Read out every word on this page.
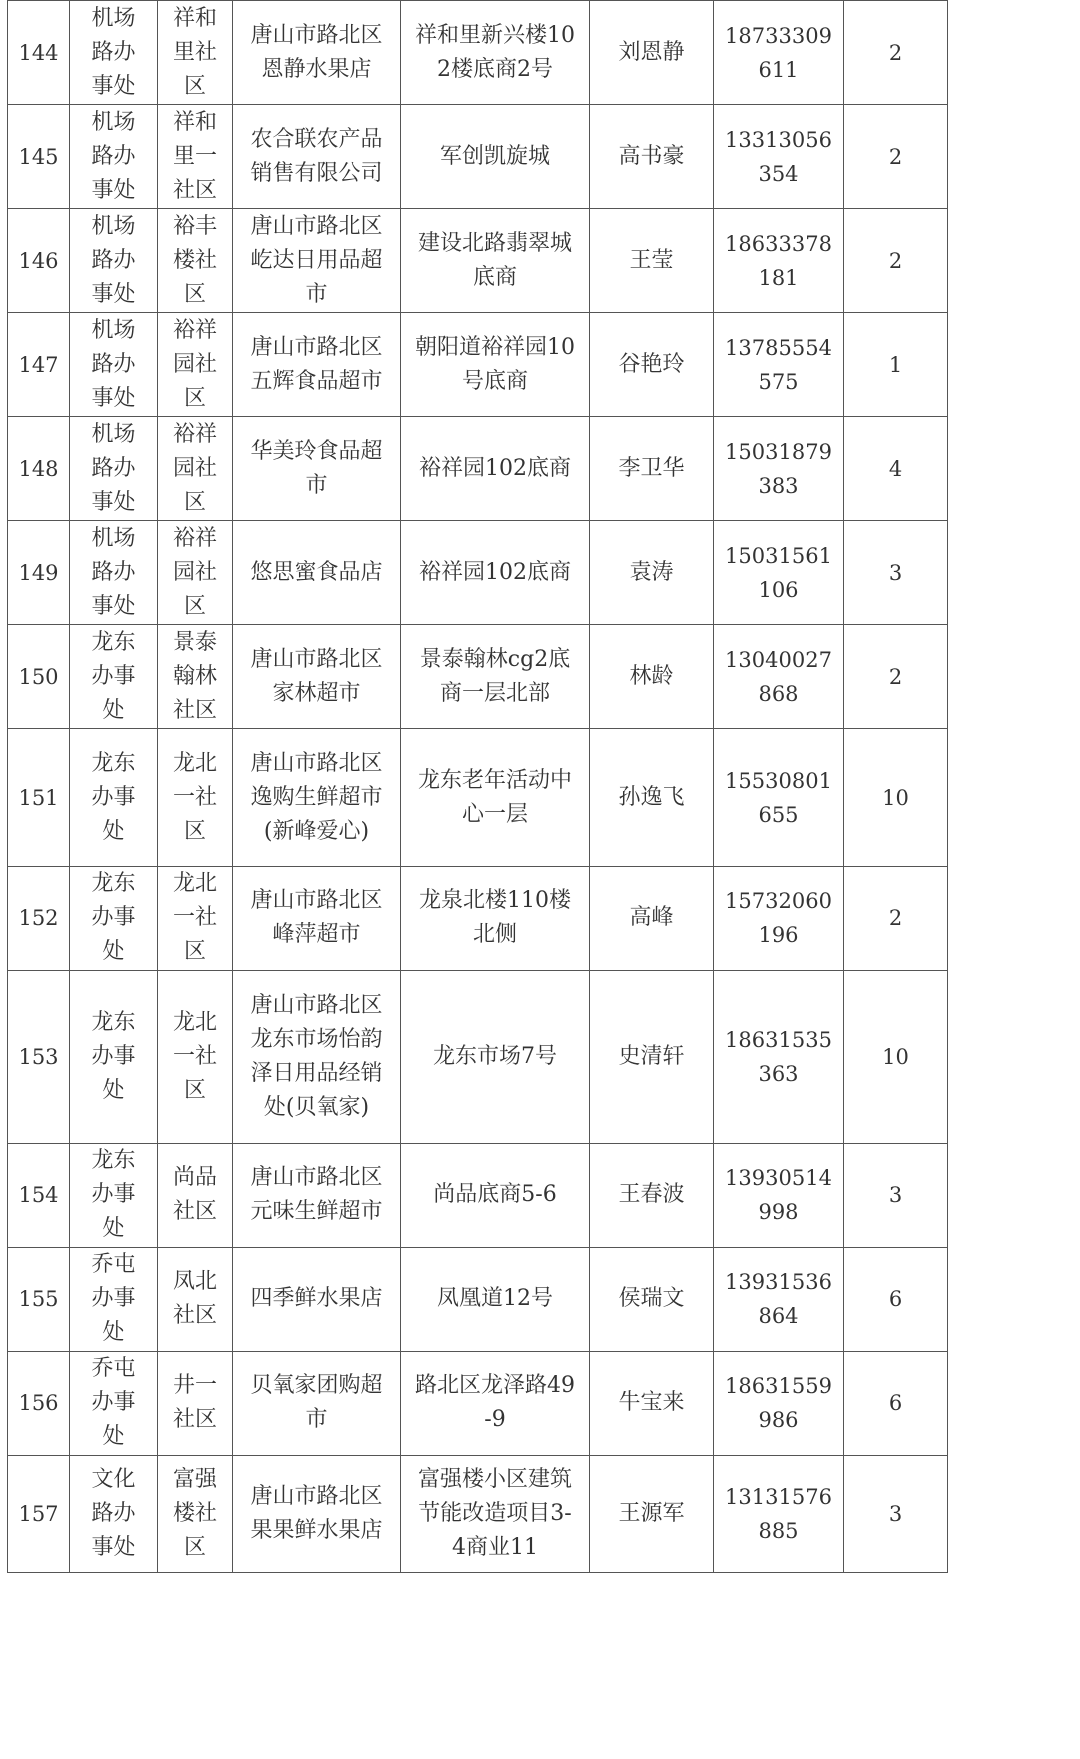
144	机场路办事处	祥和里社区	唐山市路北区恩静水果店	祥和里新兴楼102楼底商2号	刘恩静	18733309611	2
145	机场路办事处	祥和里一社区	农合联农产品销售有限公司	军创凯旋城	高书豪	13313056354	2
146	机场路办事处	裕丰楼社区	唐山市路北区屹达日用品超市	建设北路翡翠城底商	王莹	18633378181	2
147	机场路办事处	裕祥园社区	唐山市路北区五辉食品超市	朝阳道裕祥园10号底商	谷艳玲	13785554575	1
148	机场路办事处	裕祥园社区	华美玲食品超市	裕祥园102底商	李卫华	15031879383	4
149	机场路办事处	裕祥园社区	悠思蜜食品店	裕祥园102底商	袁涛	15031561106	3
150	龙东办事处	景泰翰林社区	唐山市路北区家林超市	景泰翰林cg2底商一层北部	林龄	13040027868	2
151	龙东办事处	龙北一社区	唐山市路北区逸购生鲜超市(新峰爱心)	龙东老年活动中心一层	孙逸飞	15530801655	10
152	龙东办事处	龙北一社区	唐山市路北区峰萍超市	龙泉北楼110楼北侧	高峰	15732060196	2
153	龙东办事处	龙北一社区	唐山市路北区龙东市场怡韵泽日用品经销处(贝氧家)	龙东市场7号	史清轩	18631535363	10
154	龙东办事处	尚品社区	唐山市路北区元味生鲜超市	尚品底商5-6	王春波	13930514998	3
155	乔屯办事处	凤北社区	四季鲜水果店	凤凰道12号	侯瑞文	13931536864	6
156	乔屯办事处	井一社区	贝氧家团购超市	路北区龙泽路49-9	牛宝来	18631559986	6
157	文化路办事处	富强楼社区	唐山市路北区果果鲜水果店	富强楼小区建筑节能改造项目3-4商业11	王源军	13131576885	3
